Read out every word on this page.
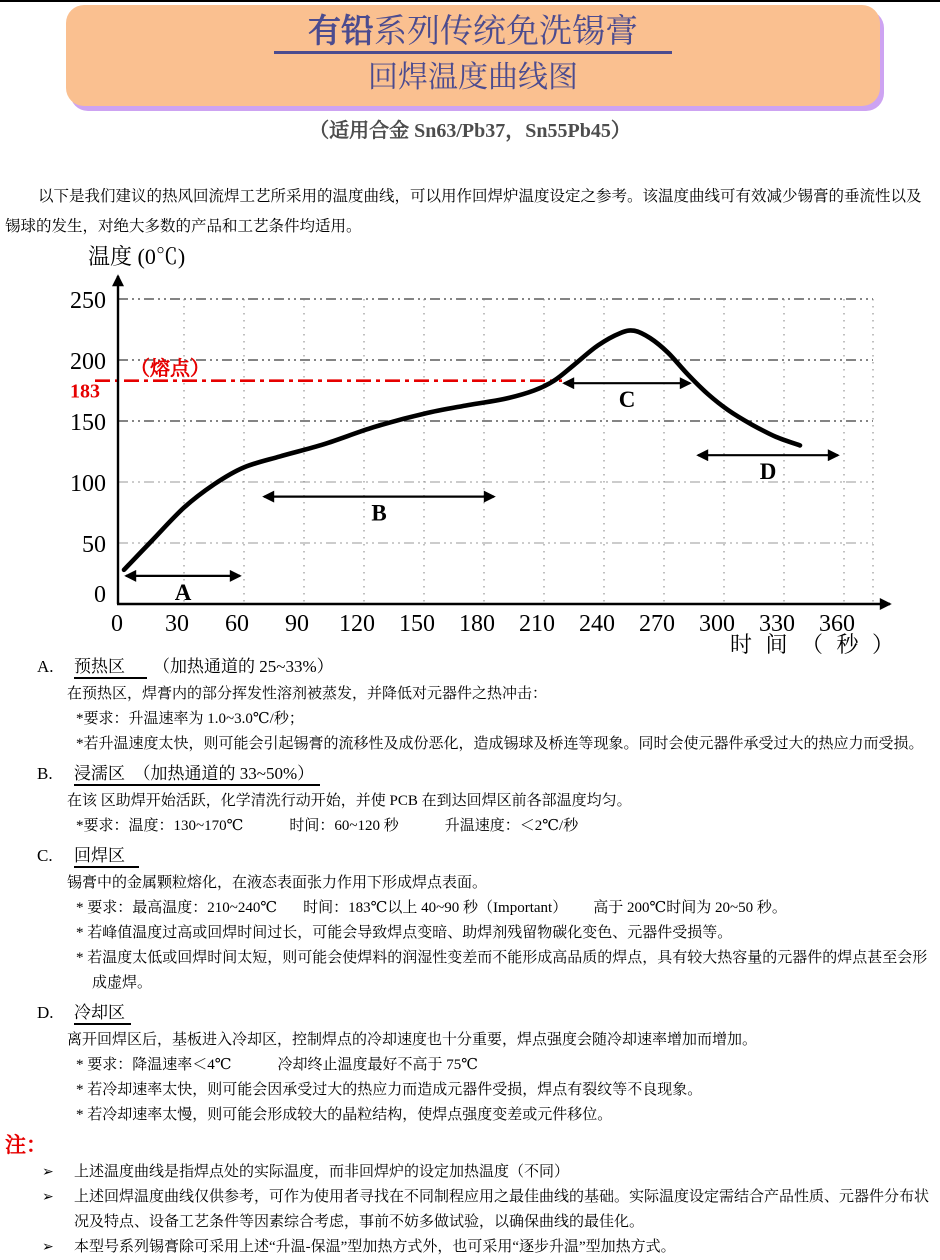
有铅系列传统免洗锡膏
回焊温度曲线图
（适用合金 Sn63/Pb37，Sn55Pb45）

以下是我们建议的热风回流焊工艺所采用的温度曲线，可以用作回焊炉温度设定之参考。该温度曲线可有效减少锡膏的垂流性以及锡球的发生，对绝大多数的产品和工艺条件均适用。

A
B
C
D
0
50
100
150
200
250
183
0 30 60 90 120 150 180 210 240 270 300 330 360
温度 (0℃)
时 间 （ 秒 ）
（熔点）
A. 预热区 （加热通道的 25~33%）
在预热区，焊膏内的部分挥发性溶剂被蒸发，并降低对元器件之热冲击：
*要求：升温速率为 1.0~3.0℃/秒；
*若升温速度太快，则可能会引起锡膏的流移性及成份恶化，造成锡球及桥连等现象。同时会使元器件承受过大的热应力而受损。
B. 浸濡区　（加热通道的 33~50%）
在该 区助焊开始活跃，化学清洗行动开始，并使 PCB 在到达回焊区前各部温度均匀。
*要求：温度：130~170℃	时间：60~120 秒	升温速度：＜2℃/秒
C. 回焊区
锡膏中的金属颗粒熔化，在液态表面张力作用下形成焊点表面。
* 要求：最高温度：210~240℃ 时间：183℃以上 40~90 秒（Important） 高于 200℃时间为 20~50 秒。
* 若峰值温度过高或回焊时间过长，可能会导致焊点变暗、助焊剂残留物碳化变色、元器件受损等。
* 若温度太低或回焊时间太短，则可能会使焊料的润湿性变差而不能形成高品质的焊点，具有较大热容量的元器件的焊点甚至会形成虚焊。
D. 冷却区
离开回焊区后，基板进入冷却区，控制焊点的冷却速度也十分重要，焊点强度会随冷却速率增加而增加。
* 要求：降温速率＜4℃	冷却终止温度最好不高于 75℃
* 若冷却速率太快，则可能会因承受过大的热应力而造成元器件受损，焊点有裂纹等不良现象。
* 若冷却速率太慢，则可能会形成较大的晶粒结构，使焊点强度变差或元件移位。
注：
➢	上述温度曲线是指焊点处的实际温度，而非回焊炉的设定加热温度（不同）
➢	上述回焊温度曲线仅供参考，可作为使用者寻找在不同制程应用之最佳曲线的基础。实际温度设定需结合产品性质、元器件分布状况及特点、设备工艺条件等因素综合考虑，事前不妨多做试验，以确保曲线的最佳化。
➢	本型号系列锡膏除可采用上述“升温-保温”型加热方式外，也可采用“逐步升温”型加热方式。
